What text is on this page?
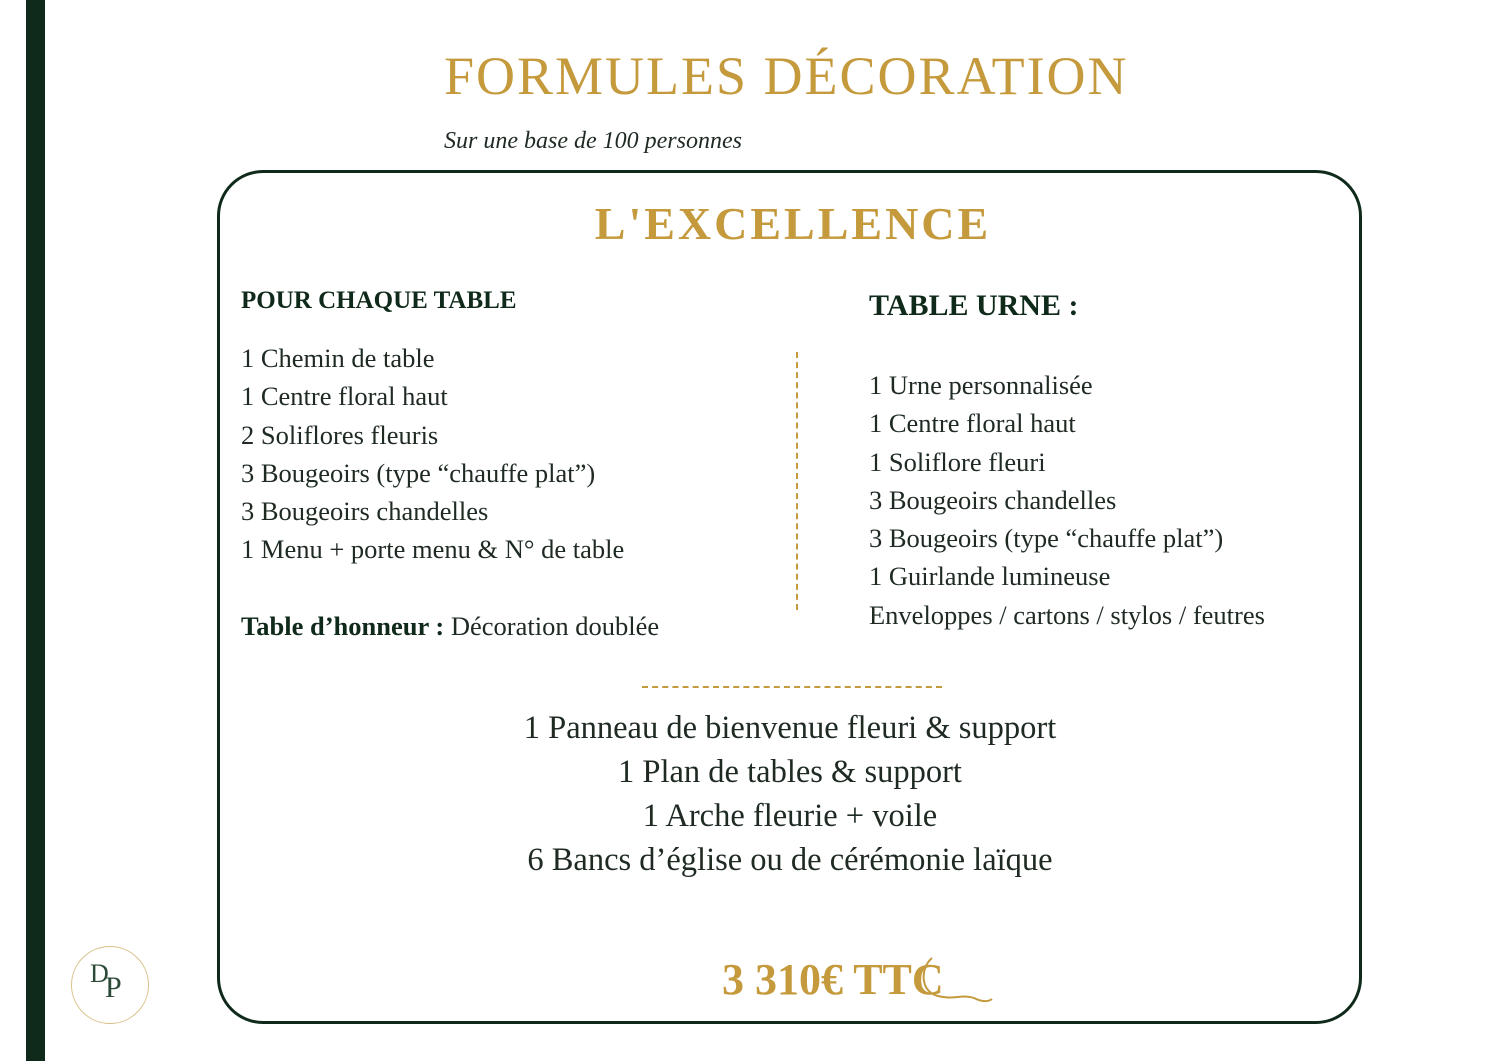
FORMULES DÉCORATION
Sur une base de 100 personnes
L'EXCELLENCE
POUR CHAQUE TABLE
1 Chemin de table
1 Centre floral haut
2 Soliflores fleuris
3 Bougeoirs (type “chauffe plat”)
3 Bougeoirs chandelles
1 Menu + porte menu & N° de table
Table d’honneur : Décoration doublée
TABLE URNE :
1 Urne personnalisée
1 Centre floral haut
1 Soliflore fleuri
3 Bougeoirs chandelles
3 Bougeoirs (type “chauffe plat”)
1 Guirlande lumineuse
Enveloppes / cartons / stylos / feutres
1 Panneau de bienvenue fleuri & support
1 Plan de tables & support
1 Arche fleurie + voile
6 Bancs d’église ou de cérémonie laïque
3 310€ TTC
D
P
